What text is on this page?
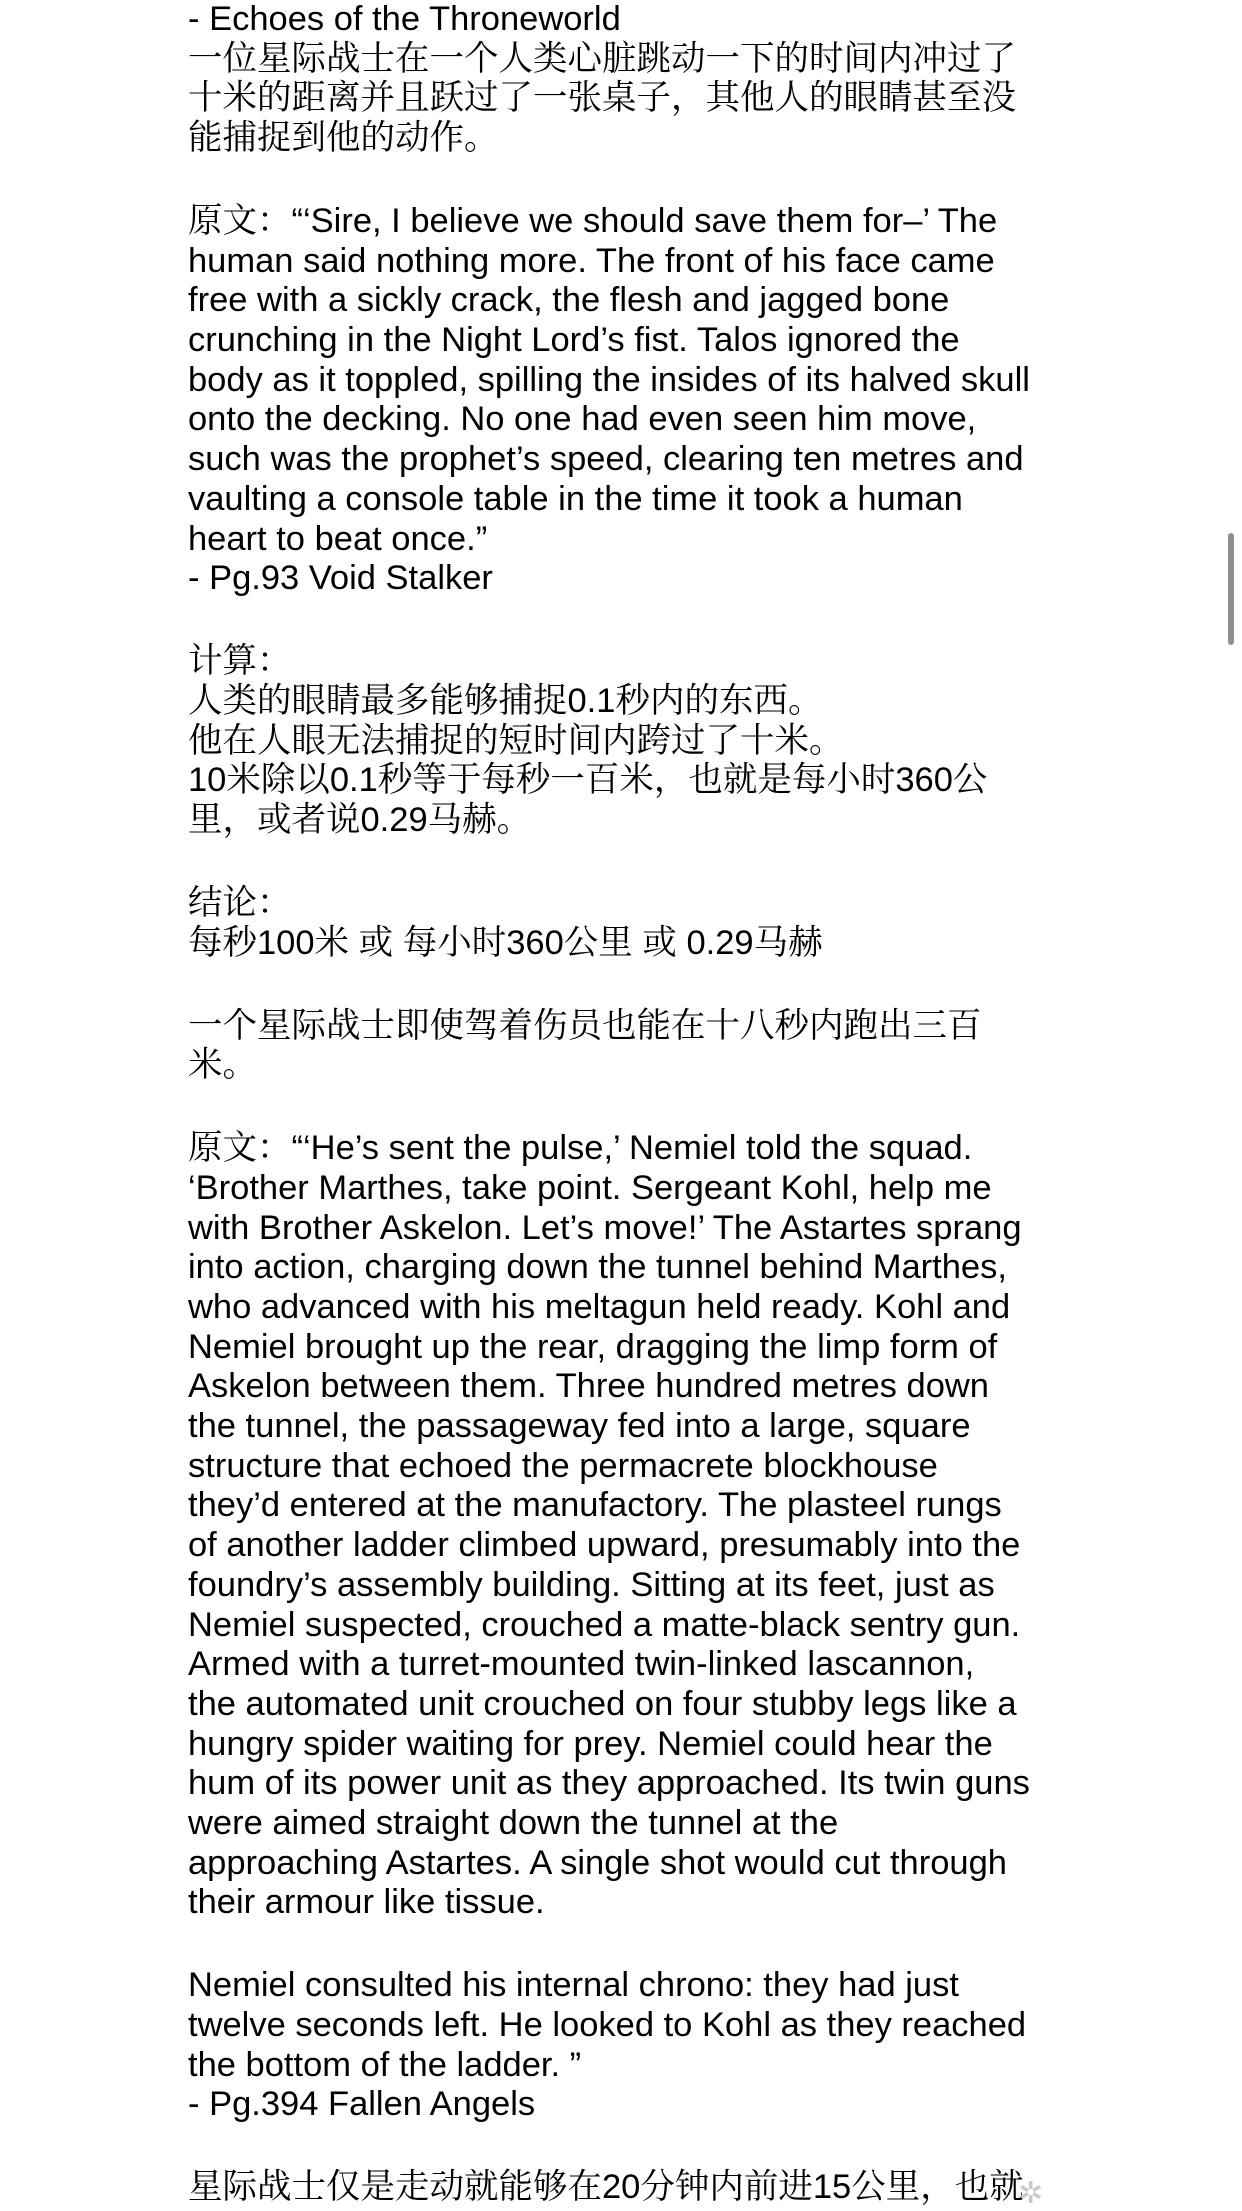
- Echoes of the Throneworld
一位星际战士在一个人类心脏跳动一下的时间内冲过了
十米的距离并且跃过了一张桌子，其他人的眼睛甚至没
能捕捉到他的动作。
原文：“‘Sire, I believe we should save them for–’ The
human said nothing more. The front of his face came
free with a sickly crack, the flesh and jagged bone
crunching in the Night Lord’s fist. Talos ignored the
body as it toppled, spilling the insides of its halved skull
onto the decking. No one had even seen him move,
such was the prophet’s speed, clearing ten metres and
vaulting a console table in the time it took a human
heart to beat once.”
- Pg.93 Void Stalker
计算：
人类的眼睛最多能够捕捉0.1秒内的东西。
他在人眼无法捕捉的短时间内跨过了十米。
10米除以0.1秒等于每秒一百米，也就是每小时360公
里，或者说0.29马赫。
结论：
每秒100米 或 每小时360公里 或 0.29马赫
一个星际战士即使驾着伤员也能在十八秒内跑出三百
米。
原文：“‘He’s sent the pulse,’ Nemiel told the squad.
‘Brother Marthes, take point. Sergeant Kohl, help me
with Brother Askelon. Let’s move!’ The Astartes sprang
into action, charging down the tunnel behind Marthes,
who advanced with his meltagun held ready. Kohl and
Nemiel brought up the rear, dragging the limp form of
Askelon between them. Three hundred metres down
the tunnel, the passageway fed into a large, square
structure that echoed the permacrete blockhouse
they’d entered at the manufactory. The plasteel rungs
of another ladder climbed upward, presumably into the
foundry’s assembly building. Sitting at its feet, just as
Nemiel suspected, crouched a matte-black sentry gun.
Armed with a turret-mounted twin-linked lascannon,
the automated unit crouched on four stubby legs like a
hungry spider waiting for prey. Nemiel could hear the
hum of its power unit as they approached. Its twin guns
were aimed straight down the tunnel at the
approaching Astartes. A single shot would cut through
their armour like tissue.
Nemiel consulted his internal chrono: they had just
twelve seconds left. He looked to Kohl as they reached
the bottom of the ladder. ”
- Pg.394 Fallen Angels
星际战士仅是走动就能够在20分钟内前进15公里，也就
✲
